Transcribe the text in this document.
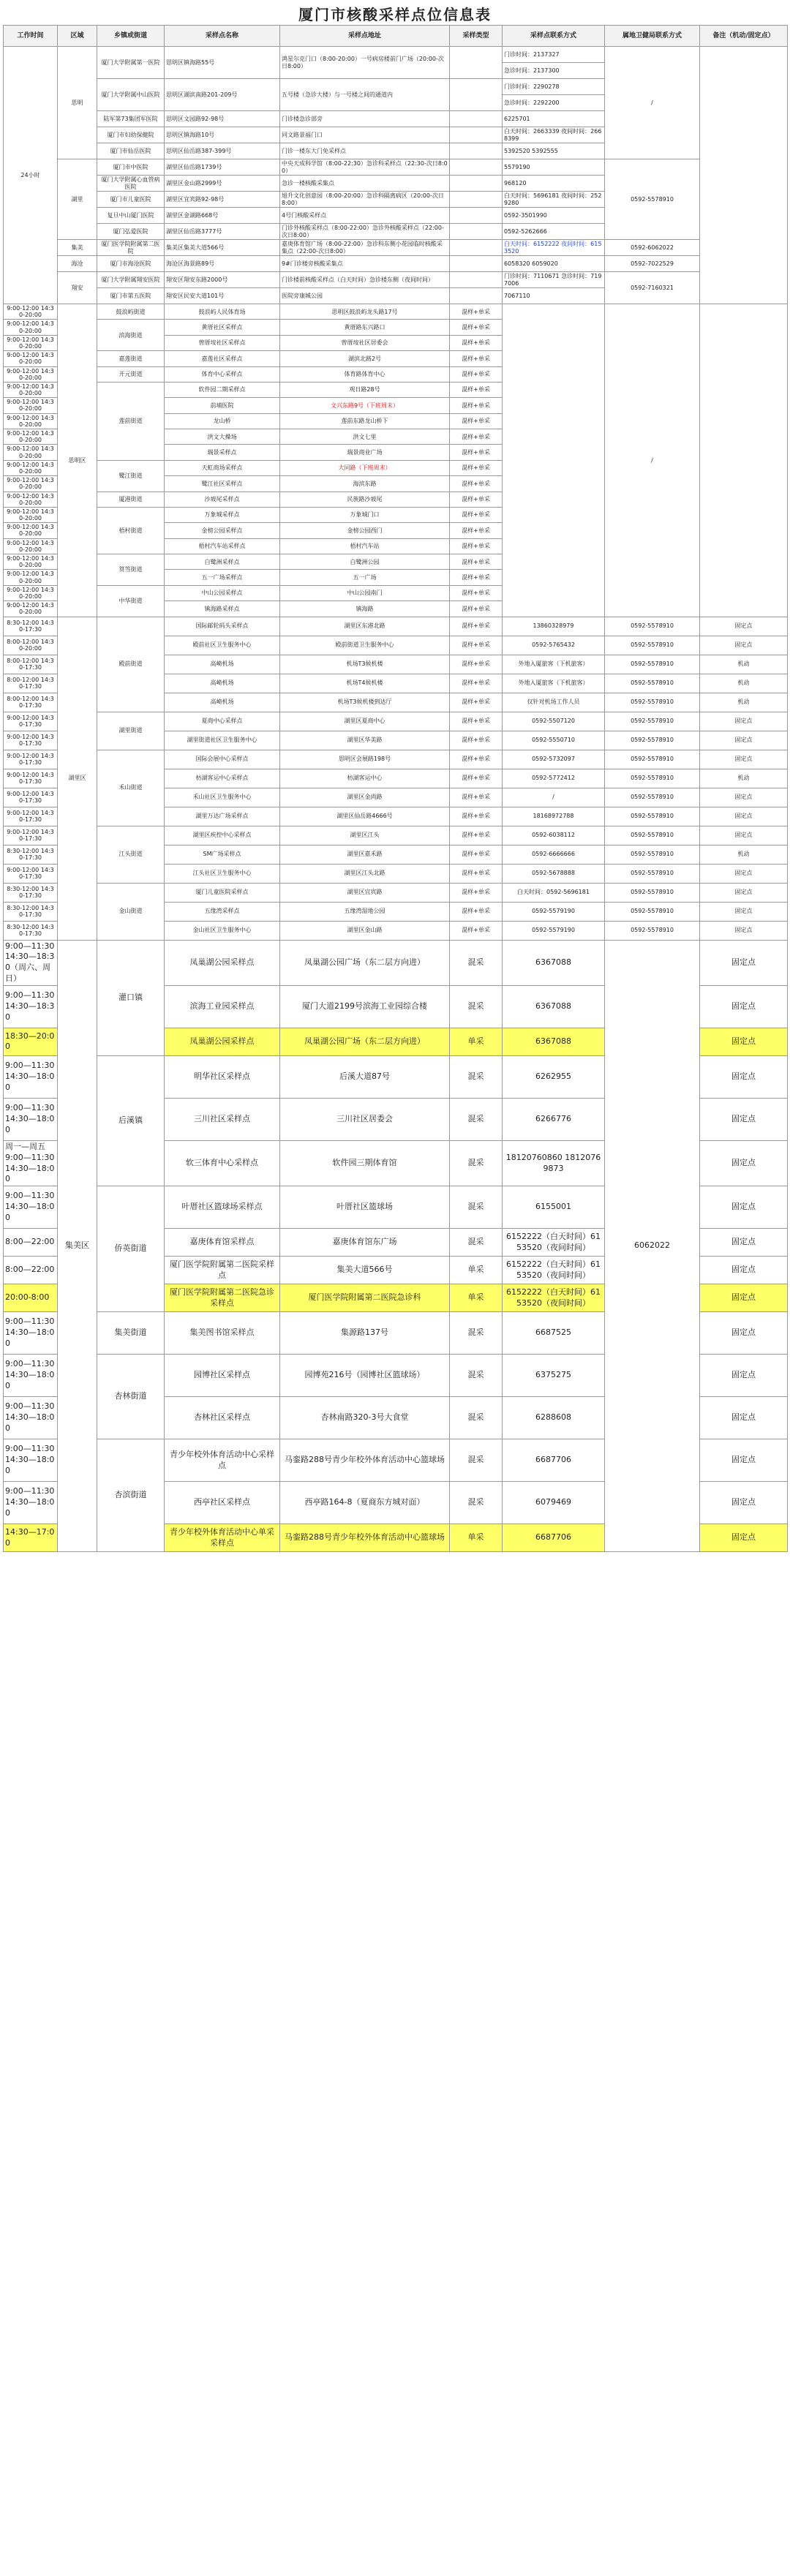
厦门市核酸采样点位信息表
工作时间	区域	乡镇或街道	采样点名称	采样点地址	采样类型	采样点联系方式	属地卫健局联系方式	备注（机动/固定点）
24小时	思明	厦门大学附属第一医院	思明区镇海路55号	鸿星尔克门口（8:00-20:00）一号病房楼前门广场（20:00-次日8:00）		门诊时间：2137327	/	
						急诊时间：2137300		
		厦门大学附属中山医院	思明区湖滨南路201-209号	五号楼（急诊大楼）与一号楼之间的通道内		门诊时间：2290278		
						急诊时间：2292200		
		陆军第73集团军医院	思明区文园路92-98号	门诊楼急诊部旁		6225701		
		厦门市妇幼保健院	思明区镇海路10号	同文路景福门口		白天时间：2663339 夜间时间：2668399		
		厦门市仙岳医院	思明区仙岳路387-399号	门诊一楼东大门免采样点		5392520 5392555		
	湖里	厦门市中医院	湖里区仙岳路1739号	中央天成科学馆（8:00-22:30）急诊科采样点（22:30-次日8:00）		5579190	0592-5578910	
		厦门大学附属心血管病医院	湖里区金山路2999号	急诊一楼核酸采集点		968120		
		厦门市儿童医院	湖里区宜宾路92-98号	旭升文化创意园（8:00-20:00）急诊科隔离病区（20:00-次日8:00）		白天时间：5696181 夜间时间：2529280		
		复旦中山厦门医院	湖里区金湖路668号	4号门核酸采样点		0592-3501990		
		厦门弘爱医院	湖里区仙岳路3777号	门诊外核酸采样点（8:00-22:00）急诊外核酸采样点（22:00-次日8:00）		0592-5262666		
	集美	厦门医学院附属第二医院	集美区集美大道566号	嘉庚体育馆广场（8:00-22:00）急诊科东侧小花园临时核酸采集点（22:00-次日8:00）		白天时间：6152222 夜间时间：6153520	0592-6062022	
	海沧	厦门市海沧医院	海沧区海景路89号	9#门诊楼旁核酸采集点		6058320 6059020	0592-7022529	
	翔安	厦门大学附属翔安医院	翔安区翔安东路2000号	门诊楼前核酸采样点（白天时间）急诊楼东侧（夜间时间）		门诊时间：7110671 急诊时间：7197006	0592-7160321	
		厦门市第五医院	翔安区民安大道101号	医院旁康城公园		7067110		
9:00-12:00 14:30-20:00	思明区	鼓浪屿街道	鼓浪屿人民体育场	思明区鼓浪屿龙头路17号	混样+单采		/	
9:00-12:00 14:30-20:00		滨海街道	黄厝社区采样点	黄厝路东兴路口	混样+单采			
9:00-12:00 14:30-20:00			曾厝垵社区采样点	曾厝垵社区居委会	混样+单采			
9:00-12:00 14:30-20:00		嘉莲街道	嘉莲社区采样点	湖滨北路2号	混样+单采			
9:00-12:00 14:30-20:00		开元街道	体育中心采样点	体育路体育中心	混样+单采			
9:00-12:00 14:30-20:00		莲前街道	软件园二期采样点	观日路28号	混样+单采			
9:00-12:00 14:30-20:00			前埔医院	文兴东路9号（下班周末）	混样+单采			
9:00-12:00 14:30-20:00			龙山桥	莲前东路龙山桥下	混样+单采			
9:00-12:00 14:30-20:00			洪文大操场	洪文七里	混样+单采			
9:00-12:00 14:30-20:00			瑞景采样点	瑞景商业广场	混样+单采			
9:00-12:00 14:30-20:00		鹭江街道	天虹商场采样点	大同路（下班周末）	混样+单采			
9:00-12:00 14:30-20:00			鹭江社区采样点	海滨东路	混样+单采			
9:00-12:00 14:30-20:00		厦港街道	沙坡尾采样点	民族路沙坡尾	混样+单采			
9:00-12:00 14:30-20:00		梧村街道	万象城采样点	万象城门口	混样+单采			
9:00-12:00 14:30-20:00			金榜公园采样点	金榜公园西门	混样+单采			
9:00-12:00 14:30-20:00			梧村汽车站采样点	梧村汽车站	混样+单采			
9:00-12:00 14:30-20:00		筼筜街道	白鹭洲采样点	白鹭洲公园	混样+单采			
9:00-12:00 14:30-20:00			五一广场采样点	五一广场	混样+单采			
9:00-12:00 14:30-20:00		中华街道	中山公园采样点	中山公园南门	混样+单采			
9:00-12:00 14:30-20:00			镇海路采样点	镇海路	混样+单采			
8:30-12:00 14:30-17:30	湖里区	殿前街道	国际邮轮码头采样点	湖里区东港北路	混样+单采	13860328979	0592-5578910	固定点
8:00-12:00 14:30-20:00			殿前社区卫生服务中心	殿前街道卫生服务中心	混样+单采	0592-5765432	0592-5578910	固定点
8:00-12:00 14:30-17:30			高崎机场	机场T3候机楼	混样+单采	外地入厦旅客（下机旅客）	0592-5578910	机动
8:00-12:00 14:30-17:30			高崎机场	机场T4候机楼	混样+单采	外地入厦旅客（下机旅客）	0592-5578910	机动
8:00-12:00 14:30-17:30			高崎机场	机场T3候机楼到达厅	混样+单采	仅针对机场工作人员	0592-5578910	机动
9:00-12:00 14:30-17:30		湖里街道	夏商中心采样点	湖里区夏商中心	混样+单采	0592-5507120	0592-5578910	固定点
9:00-12:00 14:30-17:30			湖里街道社区卫生服务中心	湖里区华美路	混样+单采	0592-5550710	0592-5578910	固定点
9:00-12:00 14:30-17:30		禾山街道	国际会展中心采样点	思明区会展路198号	混样+单采	0592-5732097	0592-5578910	固定点
9:00-12:00 14:30-17:30			枋湖客运中心采样点	枋湖客运中心	混样+单采	0592-5772412	0592-5578910	机动
9:00-12:00 14:30-17:30			禾山社区卫生服务中心	湖里区金尚路	混样+单采	/	0592-5578910	固定点
9:00-12:00 14:30-17:30			湖里万达广场采样点	湖里区仙岳路4666号	混样+单采	18168972788	0592-5578910	固定点
9:00-12:00 14:30-17:30		江头街道	湖里区疾控中心采样点	湖里区江头	混样+单采	0592-6038112	0592-5578910	固定点
8:30-12:00 14:30-17:30			SM广场采样点	湖里区嘉禾路	混样+单采	0592-6666666	0592-5578910	机动
9:00-12:00 14:30-17:30			江头社区卫生服务中心	湖里区江头北路	混样+单采	0592-5678888	0592-5578910	固定点
8:30-12:00 14:30-17:30		金山街道	厦门儿童医院采样点	湖里区宜宾路	混样+单采	白天时间：0592-5696181	0592-5578910	固定点
8:30-12:00 14:30-17:30			五缘湾采样点	五缘湾湿地公园	混样+单采	0592-5579190	0592-5578910	固定点
8:30-12:00 14:30-17:30			金山社区卫生服务中心	湖里区金山路	混样+单采	0592-5579190	0592-5578910	固定点
9:00—11:30 14:30—18:30（周六、周日）	集美区	灌口镇	凤巢湖公园采样点	凤巢湖公园广场（东二层方向进）	混采	6367088	6062022	固定点
9:00—11:30 14:30—18:30			滨海工业园采样点	厦门大道2199号滨海工业园综合楼	混采	6367088		固定点
18:30—20:00			凤巢湖公园采样点	凤巢湖公园广场（东二层方向进）	单采	6367088		固定点
9:00—11:30 14:30—18:00		后溪镇	明华社区采样点	后溪大道87号	混采	6262955		固定点
9:00—11:30 14:30—18:00			三川社区采样点	三川社区居委会	混采	6266776		固定点
周一—周五 9:00—11:30 14:30—18:00			软三体育中心采样点	软件园三期体育馆	混采	18120760860 18120769873		固定点
9:00—11:30 14:30—18:00		侨英街道	叶厝社区篮球场采样点	叶厝社区篮球场	混采	6155001		固定点
8:00—22:00			嘉庚体育馆采样点	嘉庚体育馆东广场	混采	6152222（白天时间）6153520（夜间时间）		固定点
8:00—22:00			厦门医学院附属第二医院采样点	集美大道566号	单采	6152222（白天时间）6153520（夜间时间）		固定点
20:00-8:00			厦门医学院附属第二医院急诊采样点	厦门医学院附属第二医院急诊科	单采	6152222（白天时间）6153520（夜间时间）		固定点
9:00—11:30 14:30—18:00		集美街道	集美图书馆采样点	集源路137号	混采	6687525		固定点
9:00—11:30 14:30—18:00		杏林街道	园博社区采样点	园博苑216号（园博社区篮球场）	混采	6375275		固定点
9:00—11:30 14:30—18:00			杏林社区采样点	杏林南路320-3号大食堂	混采	6288608		固定点
9:00—11:30 14:30—18:00		杏滨街道	青少年校外体育活动中心采样点	马銮路288号青少年校外体育活动中心篮球场	混采	6687706		固定点
9:00—11:30 14:30—18:00			西亭社区采样点	西亭路164-8（夏商东方城对面）	混采	6079469		固定点
14:30—17:00			青少年校外体育活动中心单采采样点	马銮路288号青少年校外体育活动中心篮球场	单采	6687706		固定点
